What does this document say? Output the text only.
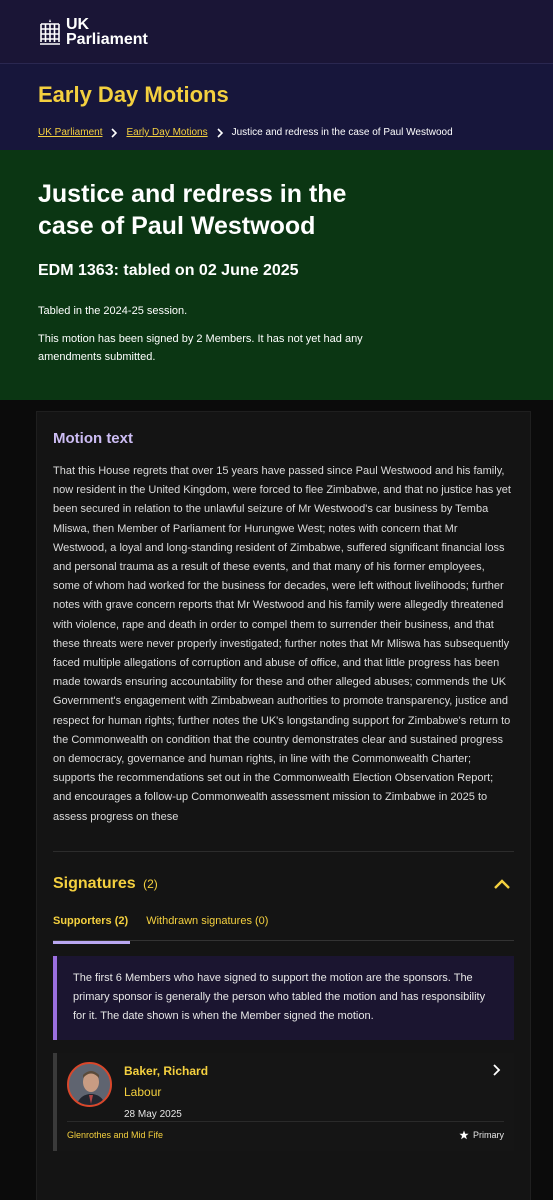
UK
Parliament
Early Day Motions
UK Parliament Early Day Motions Justice and redress in the case of Paul Westwood
Justice and redress in the case of Paul Westwood
EDM 1363: tabled on 02 June 2025

Tabled in the 2024-25 session.

This motion has been signed by 2 Members. It has not yet had any amendments submitted.

Motion text

That this House regrets that over 15 years have passed since Paul Westwood and his family, now resident in the United Kingdom, were forced to flee Zimbabwe, and that no justice has yet been secured in relation to the unlawful seizure of Mr Westwood's car business by Temba Mliswa, then Member of Parliament for Hurungwe West; notes with concern that Mr Westwood, a loyal and long-standing resident of Zimbabwe, suffered significant financial loss and personal trauma as a result of these events, and that many of his former employees, some of whom had worked for the business for decades, were left without livelihoods; further notes with grave concern reports that Mr Westwood and his family were allegedly threatened with violence, rape and death in order to compel them to surrender their business, and that these threats were never properly investigated; further notes that Mr Mliswa has subsequently faced multiple allegations of corruption and abuse of office, and that little progress has been made towards ensuring accountability for these and other alleged abuses; commends the UK Government's engagement with Zimbabwean authorities to promote transparency, justice and respect for human rights; further notes the UK's longstanding support for Zimbabwe's return to the Commonwealth on condition that the country demonstrates clear and sustained progress on democracy, governance and human rights, in line with the Commonwealth Charter; supports the recommendations set out in the Commonwealth Election Observation Report; and encourages a follow-up Commonwealth assessment mission to Zimbabwe in 2025 to assess progress on these

Signatures (2)
Supporters (2) Withdrawn signatures (0)
The first 6 Members who have signed to support the motion are the sponsors. The primary sponsor is generally the person who tabled the motion and has responsibility for it. The date shown is when the Member signed the motion.
Baker, Richard
Labour
28 May 2025
Glenrothes and Mid Fife	Primary
